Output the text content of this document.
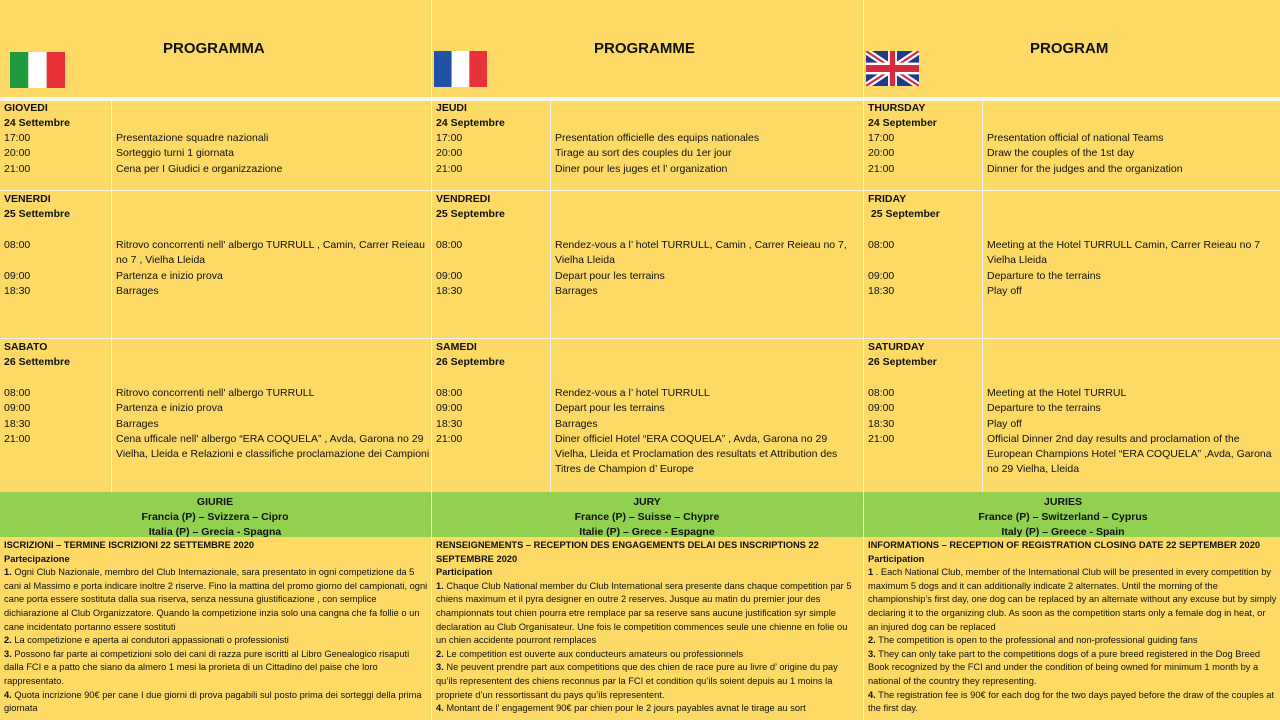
PROGRAMMA	PROGRAMME	PROGRAM
GIOVEDI
24 Settembre
17:00
20:00
21:00
Presentazione squadre nazionali
Sorteggio turni 1 giornata
Cena per I Giudici e organizzazione
VENERDI
25 Settembre
08:00
09:00
18:30
Ritrovo concorrenti nell' albergo TURRULL , Camin, Carrer Reieau no 7 , Vielha Lleida
Partenza e inizio prova
Barrages
SABATO
26 Settembre
08:00
09:00
18:30
21:00
Ritrovo concorrenti nell' albergo TURRULL
Partenza e inizio prova
Barrages
Cena ufficale nell' albergo “ERA COQUELA” , Avda, Garona no 29 Vielha, Lleida e Relazioni e classifiche proclamazione dei Campioni
JEUDI
24 Septembre
17:00
20:00
21:00
Presentation officielle des equips nationales
Tirage au sort des couples du 1er jour
Diner pour les juges et l’ organization
VENDREDI
25 Septembre
08:00
09:00
18:30
Rendez-vous a l’ hotel TURRULL, Camin , Carrer Reieau no 7, Vielha Lleida
Depart pour les terrains
Barrages
SAMEDI
26 Septembre
08:00
09:00
18:30
21:00
Rendez-vous a l’ hotel TURRULL
Depart pour les terrains
Barrages
Diner officiel Hotel “ERA COQUELA” , Avda, Garona no 29 Vielha, Lleida et Proclamation des resultats et Attribution des Titres de Champion d’ Europe
THURSDAY
24 September
17:00
20:00
21:00
Presentation official of national Teams
Draw the couples of the 1st day
Dinner for the judges and the organization
FRIDAY
25 September
08:00
09:00
18:30
Meeting at the Hotel TURRULL Camin, Carrer Reieau no 7 Vielha Lleida
Departure to the terrains
Play off
SATURDAY
26 September
08:00
09:00
18:30
21:00
Meeting at the Hotel TURRUL
Departure to the terrains
Play off
Official Dinner 2nd day results and proclamation of the European Champions Hotel “ERA COQUELA” ,Avda, Garona no 29 Vielha, Lleida
GIURIE
Francia (P) – Svizzera – Cipro
Italia (P) – Grecia - Spagna
JURY
France (P) – Suisse – Chypre
Italie (P) – Grece - Espagne
JURIES
France (P) – Switzerland – Cyprus
Italy (P) – Greece - Spain

ISCRIZIONI – TERMINE ISCRIZIONI 22 SETTEMBRE 2020

Partecipazione

1. Ogni Club Nazionale, membro del Club Internazionale, sara presentato in ogni competizione da 5 cani al Massimo e porta indicare inoltre 2 riserve. Fino la mattina del promo giorno del campionati, ogni cane porta essere sostituta dalla sua riserva, senza nessuna giustificazione , con semplice dichiarazione al Club Organizzatore. Quando la competizione inzia solo una cangna che fa follie o un cane incidentato portanno essere sostituti

2. La competizione e aperta ai condutori appassionati o professionisti

3. Possono far parte ai competizioni solo dei cani di razza pure iscritti al Libro Genealogico risaputi dalla FCI e a patto che siano da almero 1 mesi la prorieta di un Cittadino del paise che loro rappresentato.

4. Quota incrizione 90€ per cane I due giorni di prova pagabili sul posto prima dei sorteggi della prima giornata

RENSEIGNEMENTS – RECEPTION DES ENGAGEMENTS DELAI DES INSCRIPTIONS 22 SEPTEMBRE 2020

Participation

1. Chaque Club National member du Club International sera presente dans chaque competition par 5 chiens maximum et il pyra designer en outre 2 reserves. Jusque au matin du premier jour des championnats tout chien pourra etre remplace par sa reserve sans aucune justification syr simple declaration au Club Organisateur. Une fois le competition commences seule une chienne en folie ou un chien accidente pourront remplaces

2. Le competition est ouverte aux conducteurs amateurs ou professionnels

3. Ne peuvent prendre part aux competitions que des chien de race pure au livre d’ origine du pay qu’ils representent des chiens reconnus par la FCI et condition qu’ils soient depuis au 1 moins la propriete d’un ressortissant du pays qu’ils representent.

4. Montant de l’ engagement 90€ par chien pour le 2 jours payables avnat le tirage au sort

INFORMATIONS – RECEPTION OF REGISTRATION CLOSING DATE 22 SEPTEMBER 2020

Participation

1 . Each National Club, member of the International Club will be presented in every competition by maximum 5 dogs and it can additionally indicate 2 alternates. Until the morning of the championship’s first day, one dog can be replaced by an alternate without any excuse but by simply declaring it to the organizing club. As soon as the competition starts only a female dog in heat, or an injured dog can be replaced

2. The competition is open to the professional and non-professional guiding fans

3. They can only take part to the competitions dogs of a pure breed registered in the Dog Breed Book recognized by the FCI and under the condition of being owned for minimum 1 month by a national of the country they representing.

4. The registration fee is 90€ for each dog for the two days payed before the draw of the couples at the first day.
